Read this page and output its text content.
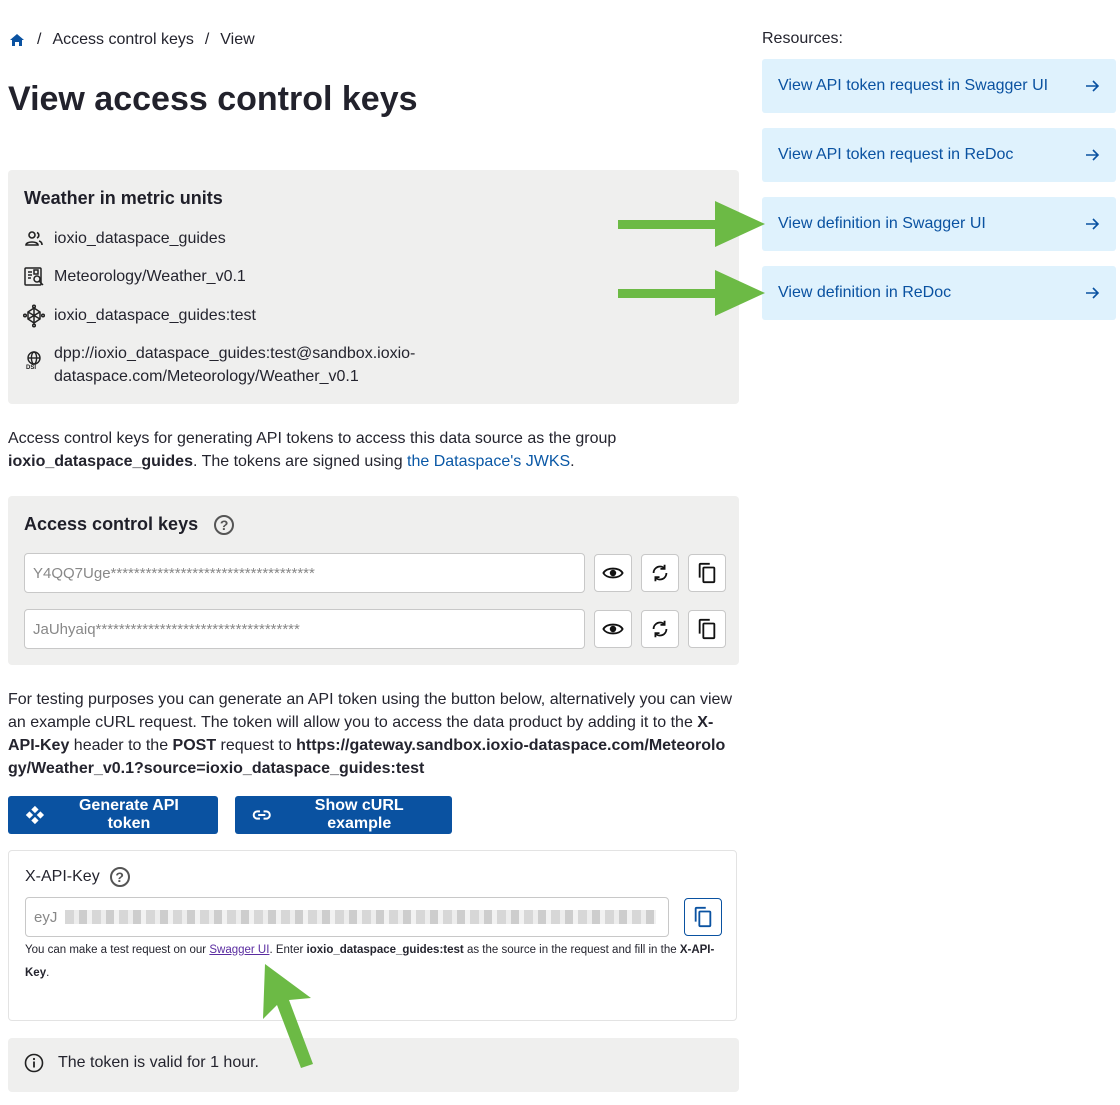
/ Access control keys / View
View access control keys
Weather in metric units
ioxio_dataspace_guides
Meteorology/Weather_v0.1
ioxio_dataspace_guides:test
DSI
dpp://ioxio_dataspace_guides:test@sandbox.ioxio-
dataspace.com/Meteorology/Weather_v0.1

Access control keys for generating API tokens to access this data source as the group ioxio_dataspace_guides. The tokens are signed using the Dataspace's JWKS.

Access control keys	?
Y4QQ7Uge***********************************
JaUhyaiq***********************************

For testing purposes you can generate an API token using the button below, alternatively you can view an example cURL request. The token will allow you to access the data product by adding it to the X-API-Key header to the POST request to https://gateway.sandbox.ioxio-dataspace.com/Meteorology/Weather_v0.1?source=ioxio_dataspace_guides:test

Generate API token
Show cURL example
X-API-Key	?
eyJ

You can make a test request on our Swagger UI. Enter ioxio_dataspace_guides:test as the source in the request and fill in the X-API-Key.

The token is valid for 1 hour.
Resources:
View API token request in Swagger UI
View API token request in ReDoc
View definition in Swagger UI
View definition in ReDoc
